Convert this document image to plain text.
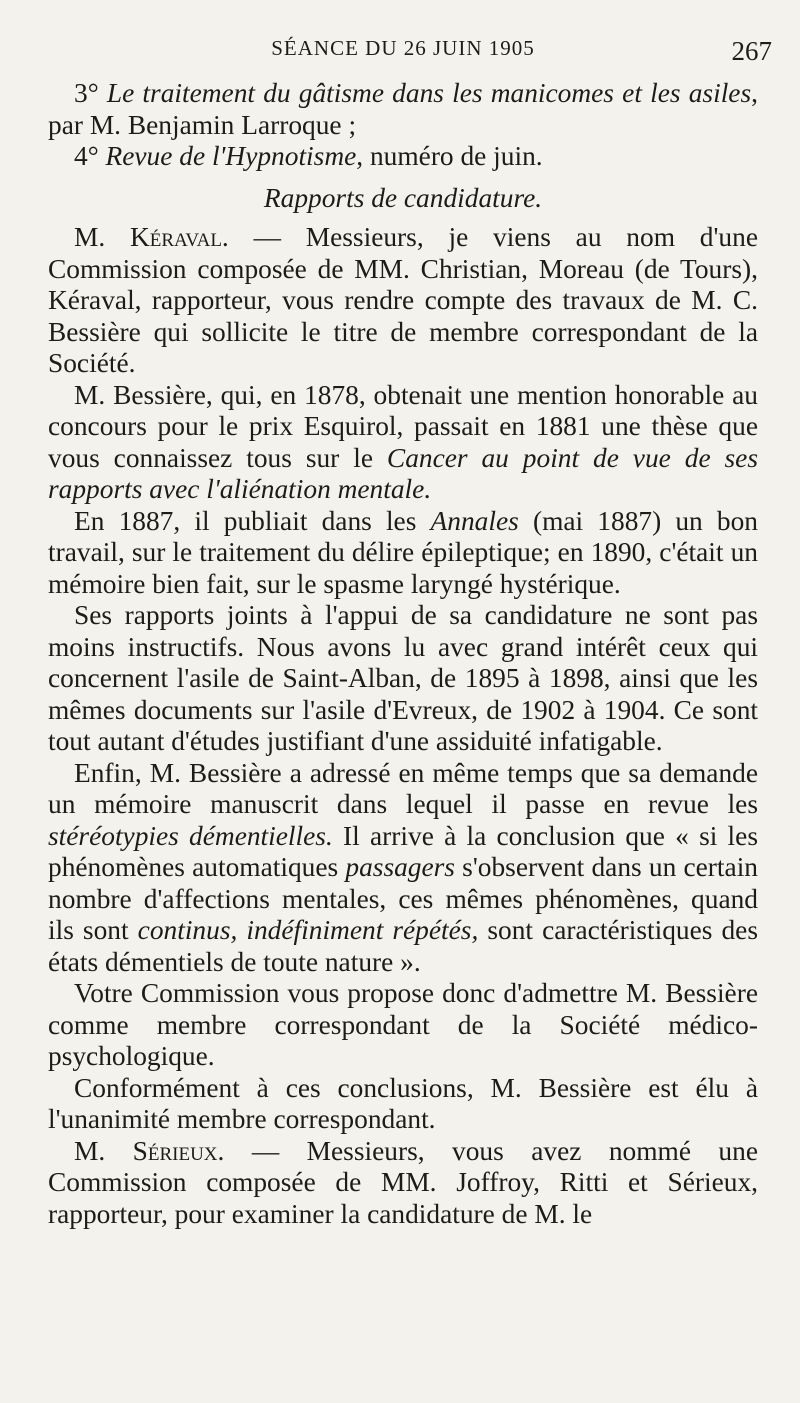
SÉANCE DU 26 JUIN 1905	267

3° Le traitement du gâtisme dans les manicomes et les asiles, par M. Benjamin Larroque ;

4° Revue de l'Hypnotisme, numéro de juin.

Rapports de candidature.

M. Kéraval. — Messieurs, je viens au nom d'une Commission composée de MM. Christian, Moreau (de Tours), Kéraval, rapporteur, vous rendre compte des travaux de M. C. Bessière qui sollicite le titre de membre correspondant de la Société.

M. Bessière, qui, en 1878, obtenait une mention honorable au concours pour le prix Esquirol, passait en 1881 une thèse que vous connaissez tous sur le Cancer au point de vue de ses rapports avec l'aliénation mentale.

En 1887, il publiait dans les Annales (mai 1887) un bon travail, sur le traitement du délire épileptique; en 1890, c'était un mémoire bien fait, sur le spasme laryngé hystérique.

Ses rapports joints à l'appui de sa candidature ne sont pas moins instructifs. Nous avons lu avec grand intérêt ceux qui concernent l'asile de Saint-Alban, de 1895 à 1898, ainsi que les mêmes documents sur l'asile d'Evreux, de 1902 à 1904. Ce sont tout autant d'études justifiant d'une assiduité infatigable.

Enfin, M. Bessière a adressé en même temps que sa demande un mémoire manuscrit dans lequel il passe en revue les stéréotypies démentielles. Il arrive à la conclusion que « si les phénomènes automatiques passagers s'observent dans un certain nombre d'affections mentales, ces mêmes phénomènes, quand ils sont continus, indéfiniment répétés, sont caractéristiques des états démentiels de toute nature ».

Votre Commission vous propose donc d'admettre M. Bessière comme membre correspondant de la Société médico-psychologique.

Conformément à ces conclusions, M. Bessière est élu à l'unanimité membre correspondant.

M. Sérieux. — Messieurs, vous avez nommé une Commission composée de MM. Joffroy, Ritti et Sérieux, rapporteur, pour examiner la candidature de M. le
